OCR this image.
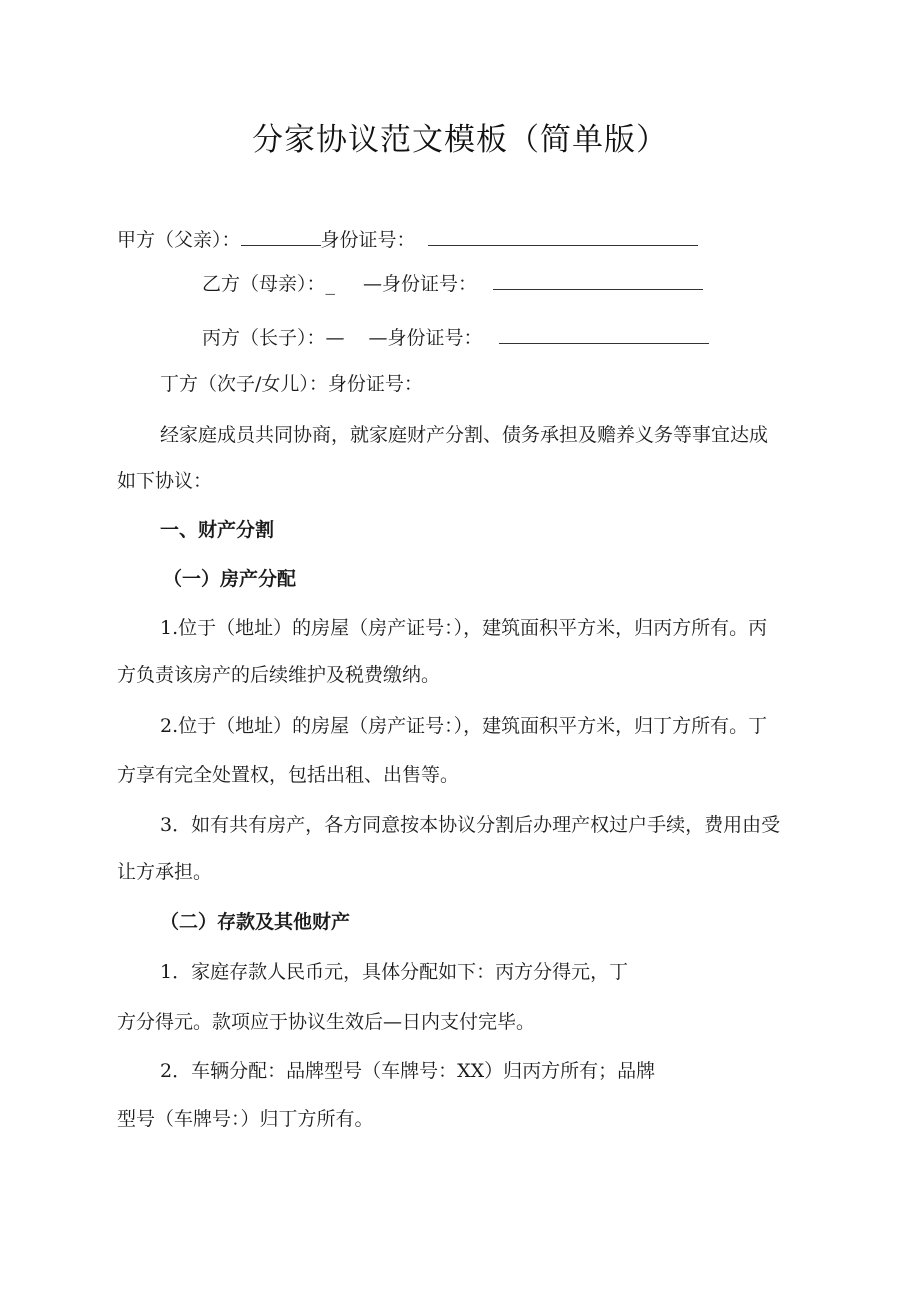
分家协议范文模板（简单版）
甲方（父亲）：	身份证号：
乙方（母亲）：_ —身份证号：
丙方（长子）：— —身份证号：
丁方（次子/女儿）：身份证号：
经家庭成员共同协商，就家庭财产分割、债务承担及赡养义务等事宜达成
如下协议：
一、财产分割
（一）房产分配
1.位于（地址）的房屋（房产证号：），建筑面积平方米，归丙方所有。丙
方负责该房产的后续维护及税费缴纳。
2.位于（地址）的房屋（房产证号：），建筑面积平方米，归丁方所有。丁
方享有完全处置权，包括出租、出售等。
3．如有共有房产，各方同意按本协议分割后办理产权过户手续，费用由受
让方承担。
（二）存款及其他财产
1．家庭存款人民币元，具体分配如下：丙方分得元，丁
方分得元。款项应于协议生效后—日内支付完毕。
2．车辆分配：品牌型号（车牌号：XX）归丙方所有；品牌
型号（车牌号：）归丁方所有。
